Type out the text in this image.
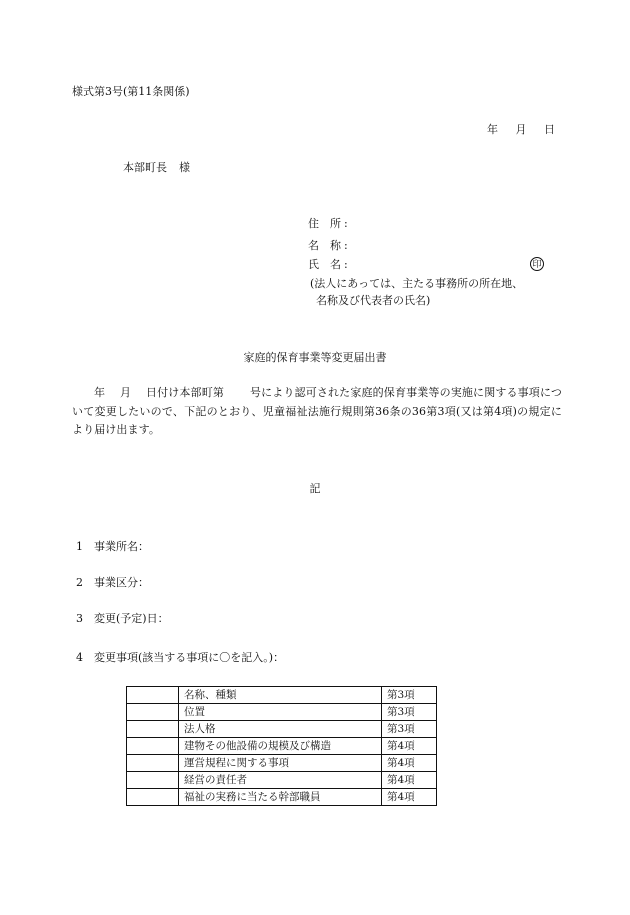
様式第3号(第11条関係)
年 月 日
本部町長 様
住　所 :
名　称 :
氏　名 :	印
(法人にあっては、主たる事務所の所在地、
名称及び代表者の氏名)
家庭的保育事業等変更届出書
年　 月　 日付け本部町第　　 号により認可された家庭的保育事業等の実施に関する事項について変更したいので、下記のとおり、児童福祉法施行規則第36条の36第3項(又は第4項)の規定により届け出ます。
記
1 事業所名：
2 事業区分：
3 変更(予定)日：
4 変更事項(該当する事項に〇を記入。)：
	名称、種類	第3項
	位置	第3項
	法人格	第3項
	建物その他設備の規模及び構造	第4項
	運営規程に関する事項	第4項
	経営の責任者	第4項
	福祉の実務に当たる幹部職員	第4項
